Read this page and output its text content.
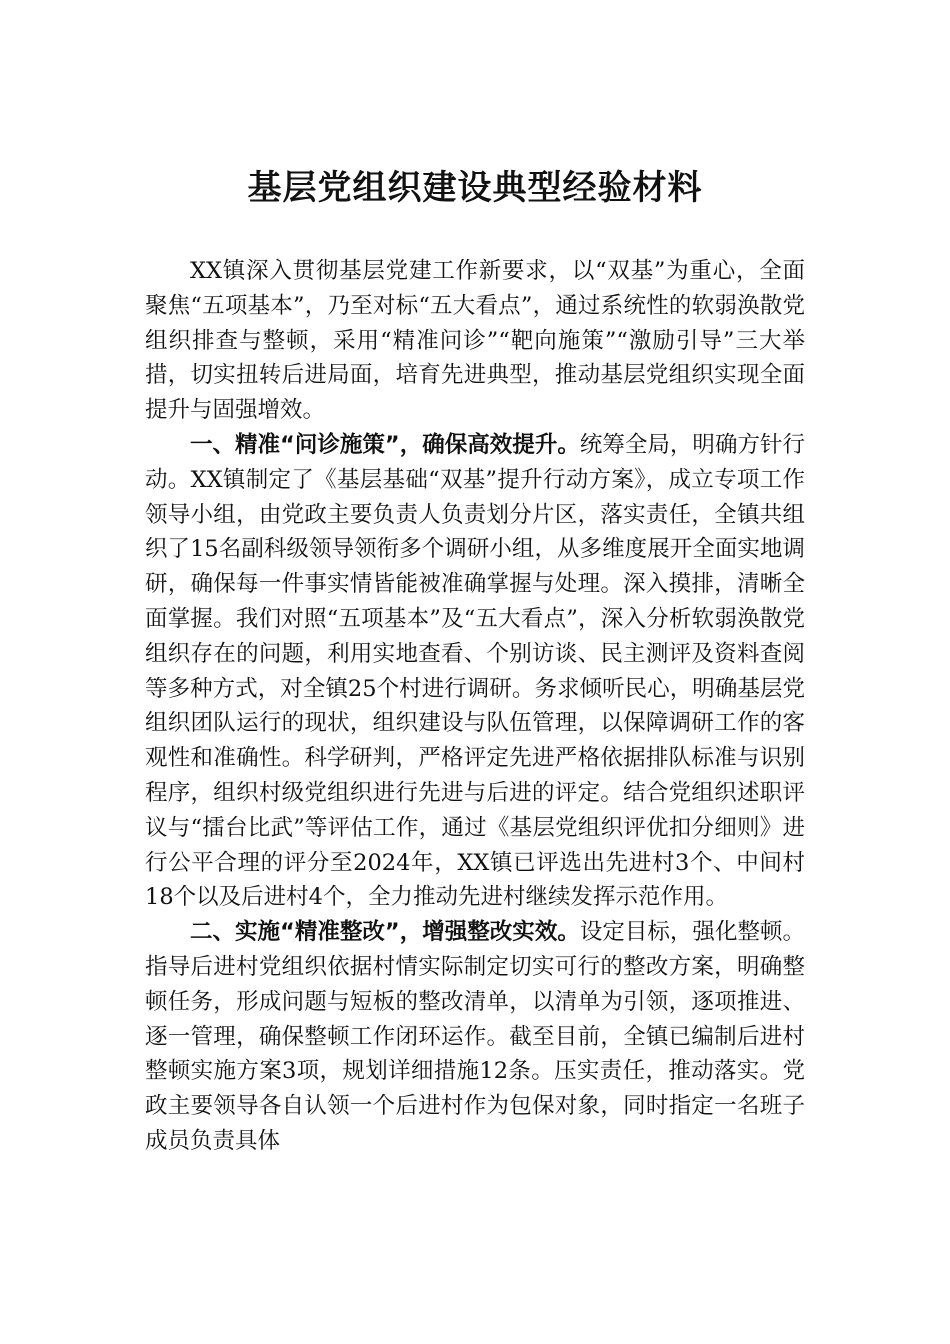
基层党组织建设典型经验材料

XX镇深入贯彻基层党建工作新要求，以“双基”为重心，全面聚焦“五项基本”，乃至对标“五大看点”，通过系统性的软弱涣散党组织排查与整顿，采用“精准问诊”“靶向施策”“激励引导”三大举措，切实扭转后进局面，培育先进典型，推动基层党组织实现全面提升与固强增效。

一、精准“问诊施策”，确保高效提升。统筹全局，明确方针行动。XX镇制定了《基层基础“双基”提升行动方案》，成立专项工作领导小组，由党政主要负责人负责划分片区，落实责任，全镇共组织了15名副科级领导领衔多个调研小组，从多维度展开全面实地调研，确保每一件事实情皆能被准确掌握与处理。深入摸排，清晰全面掌握。我们对照“五项基本”及“五大看点”，深入分析软弱涣散党组织存在的问题，利用实地查看、个别访谈、民主测评及资料查阅等多种方式，对全镇25个村进行调研。务求倾听民心，明确基层党组织团队运行的现状，组织建设与队伍管理，以保障调研工作的客观性和准确性。科学研判，严格评定先进严格依据排队标准与识别程序，组织村级党组织进行先进与后进的评定。结合党组织述职评议与“擂台比武”等评估工作，通过《基层党组织评优扣分细则》进行公平合理的评分至2024年，XX镇已评选出先进村3个、中间村18个以及后进村4个，全力推动先进村继续发挥示范作用。

二、实施“精准整改”，增强整改实效。设定目标，强化整顿。指导后进村党组织依据村情实际制定切实可行的整改方案，明确整顿任务，形成问题与短板的整改清单，以清单为引领，逐项推进、逐一管理，确保整顿工作闭环运作。截至目前，全镇已编制后进村整顿实施方案3项，规划详细措施12条。压实责任，推动落实。党政主要领导各自认领一个后进村作为包保对象，同时指定一名班子成员负责具体
